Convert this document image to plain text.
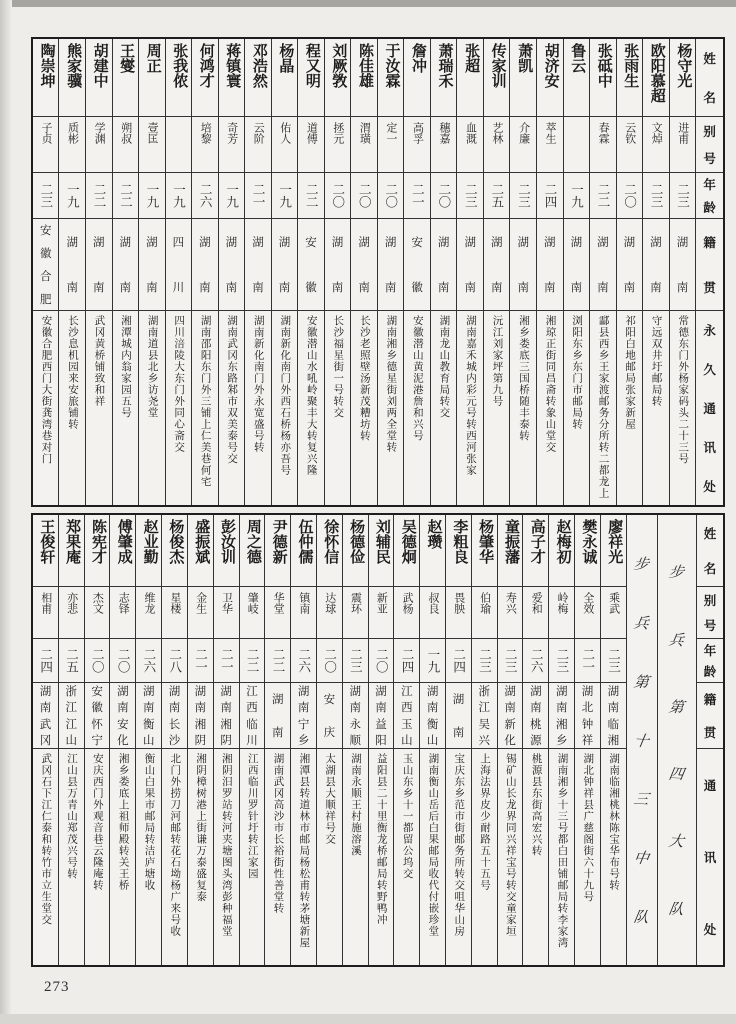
姓
名
别
号
年
龄
籍
贯
永
久
通
讯
处
杨守光
进甫
二三
湖
南
常德东门外杨家码头二十三号
欧阳慕超
文焯
二三
湖
南
守远双井圩邮局转
张雨生
云钦
二〇
湖
南
祁阳白地邮局张家新屋
张砥中
春霖
二二
湖
南
酃县西乡王家渡邮务分所转二都龙上
鲁云
一九
湖
南
浏阳东乡东门市邮局转
胡济安
萃生
二四
湖
南
湘琼正街同昌斋转象山堂交
萧凯
介廉
二三
湖
南
湘乡娄底三国桥随丰泰转
传家训
艺林
二五
湖
南
沅江刘家坪第九号
张超
血溉
二三
湖
南
湖南嘉禾城内彩元号转西河张家
萧瑞禾
穗嘉
二〇
湖
南
湖南龙山教育局转交
詹冲
高孚
二一
安
徽
安徽潜山黄泥港詹和兴号
于汝霖
定一
二〇
湖
南
湖南湘乡德星街刘两全堂转
陈佳雄
渭璜
二〇
湖
南
长沙老照壁汤新茂糟坊转
刘厥敩
拯元
二〇
湖
南
长沙福星街一号转交
程又明
道傅
二二
安
徽
安徽潜山水吼岭聚丰大转复兴隆
杨晶
佑人
一九
湖
南
湖南新化南门外西石桥杨亦吾号
邓浩然
云阶
二一
湖
南
湖南新化南门外永宽盛号转
蒋镇寰
奇芳
一九
湖
南
湖南武冈东路邾市双美泰号交
何鸿才
培黎
二六
湖
南
湖南邵阳东门外三铺上仁美巷何宅
张我侬
一九
四
川
四川涪陵大东门外同心斋交
周正
壹匡
一九
湖
南
湖南道县北乡访尧堂
王燮
朔叔
二二
湖
南
湘潭城内翁家园五号
胡建中
学渊
二二
湖
南
武冈黄桥铺致和祥
熊家骥
质彬
一九
湖
南
长沙息机园来安旅铺转
陶崇坤
子贞
二三
安
徽
合
肥
安徽合肥西门大街龚湾巷对门
姓
名
别
号
年
龄
籍
贯
通
讯
处
步
兵
第
四
大
队
步
兵
第
十
三
中
队
廖祥光
乘武
二三
湖
南
临
湘
湖南临湘桃林陈宝华布号转
樊永诚
全效
二一
湖
北
钟
祥
湖北钟祥县广慈阁街六十九号
赵梅初
岭梅
二三
湖
南
湘
乡
湖南湘乡十三号都白田铺邮局转李家湾
高子才
爱和
二六
湖
南
桃
源
桃源县东街高宏兴转
童振藩
寿兴
二三
湖
南
新
化
锡矿山长龙界同兴祥宝号转交童家垣
杨肇华
伯瑜
二三
浙
江
吴
兴
上海法界皮少耐路五十五号
李粗良
畏胦
二四
湖
南
宝庆东乡范市街邮务所转交咀华山房
赵瓒
叔良
一九
湖
南
衡
山
湖南衡山岳后白果邮局收代付嵌珍堂
吴德炯
武杨
二四
江
西
玉
山
玉山东乡十一都留公坞交
刘辅民
新亚
二〇
湖
南
益
阳
益阳县二十里衡龙桥邮局转野鸭冲
杨德俭
震环
二三
湖
南
永
顺
湖南永顺王村施溶溪
徐怀信
达球
二〇
安
庆
太湖县大顺祥号交
伍仲儒
镇南
二六
湖
南
宁
乡
湘潭县转道林市邮局杨松甫转茅塘新屋
尹德新
华堂
二二
湖
南
湖南武冈高沙市长裕街性善堂转
周之德
肇岐
二二
江
西
临
川
江西临川罗针圩转江家园
彭汝训
卫华
二一
湖
南
湘
阴
湘阴汨罗站转河夹塘图头湾彭种福堂
盛振斌
金生
二一
湖
南
湘
阴
湘阴樟树港上街谦万泰盛复泰
杨俊杰
星楼
二八
湖
南
长
沙
北门外捞刀河邮转花石坳杨广来号收
赵业勤
维龙
二六
湖
南
衡
山
衡山白果市邮局转洁庐塘收
傅肇成
志铎
二〇
湖
南
安
化
湘乡娄底上祖师殿转关王桥
陈宪才
杰文
二〇
安
徽
怀
宁
安庆西门外观音巷云隆庵转
郑果庵
亦悲
二五
浙
江
江
山
江山县万青山郑茂兴号转
王俊轩
相甫
二四
湖
南
武
冈
武冈石下江仁泰和转竹市立生堂交
273
